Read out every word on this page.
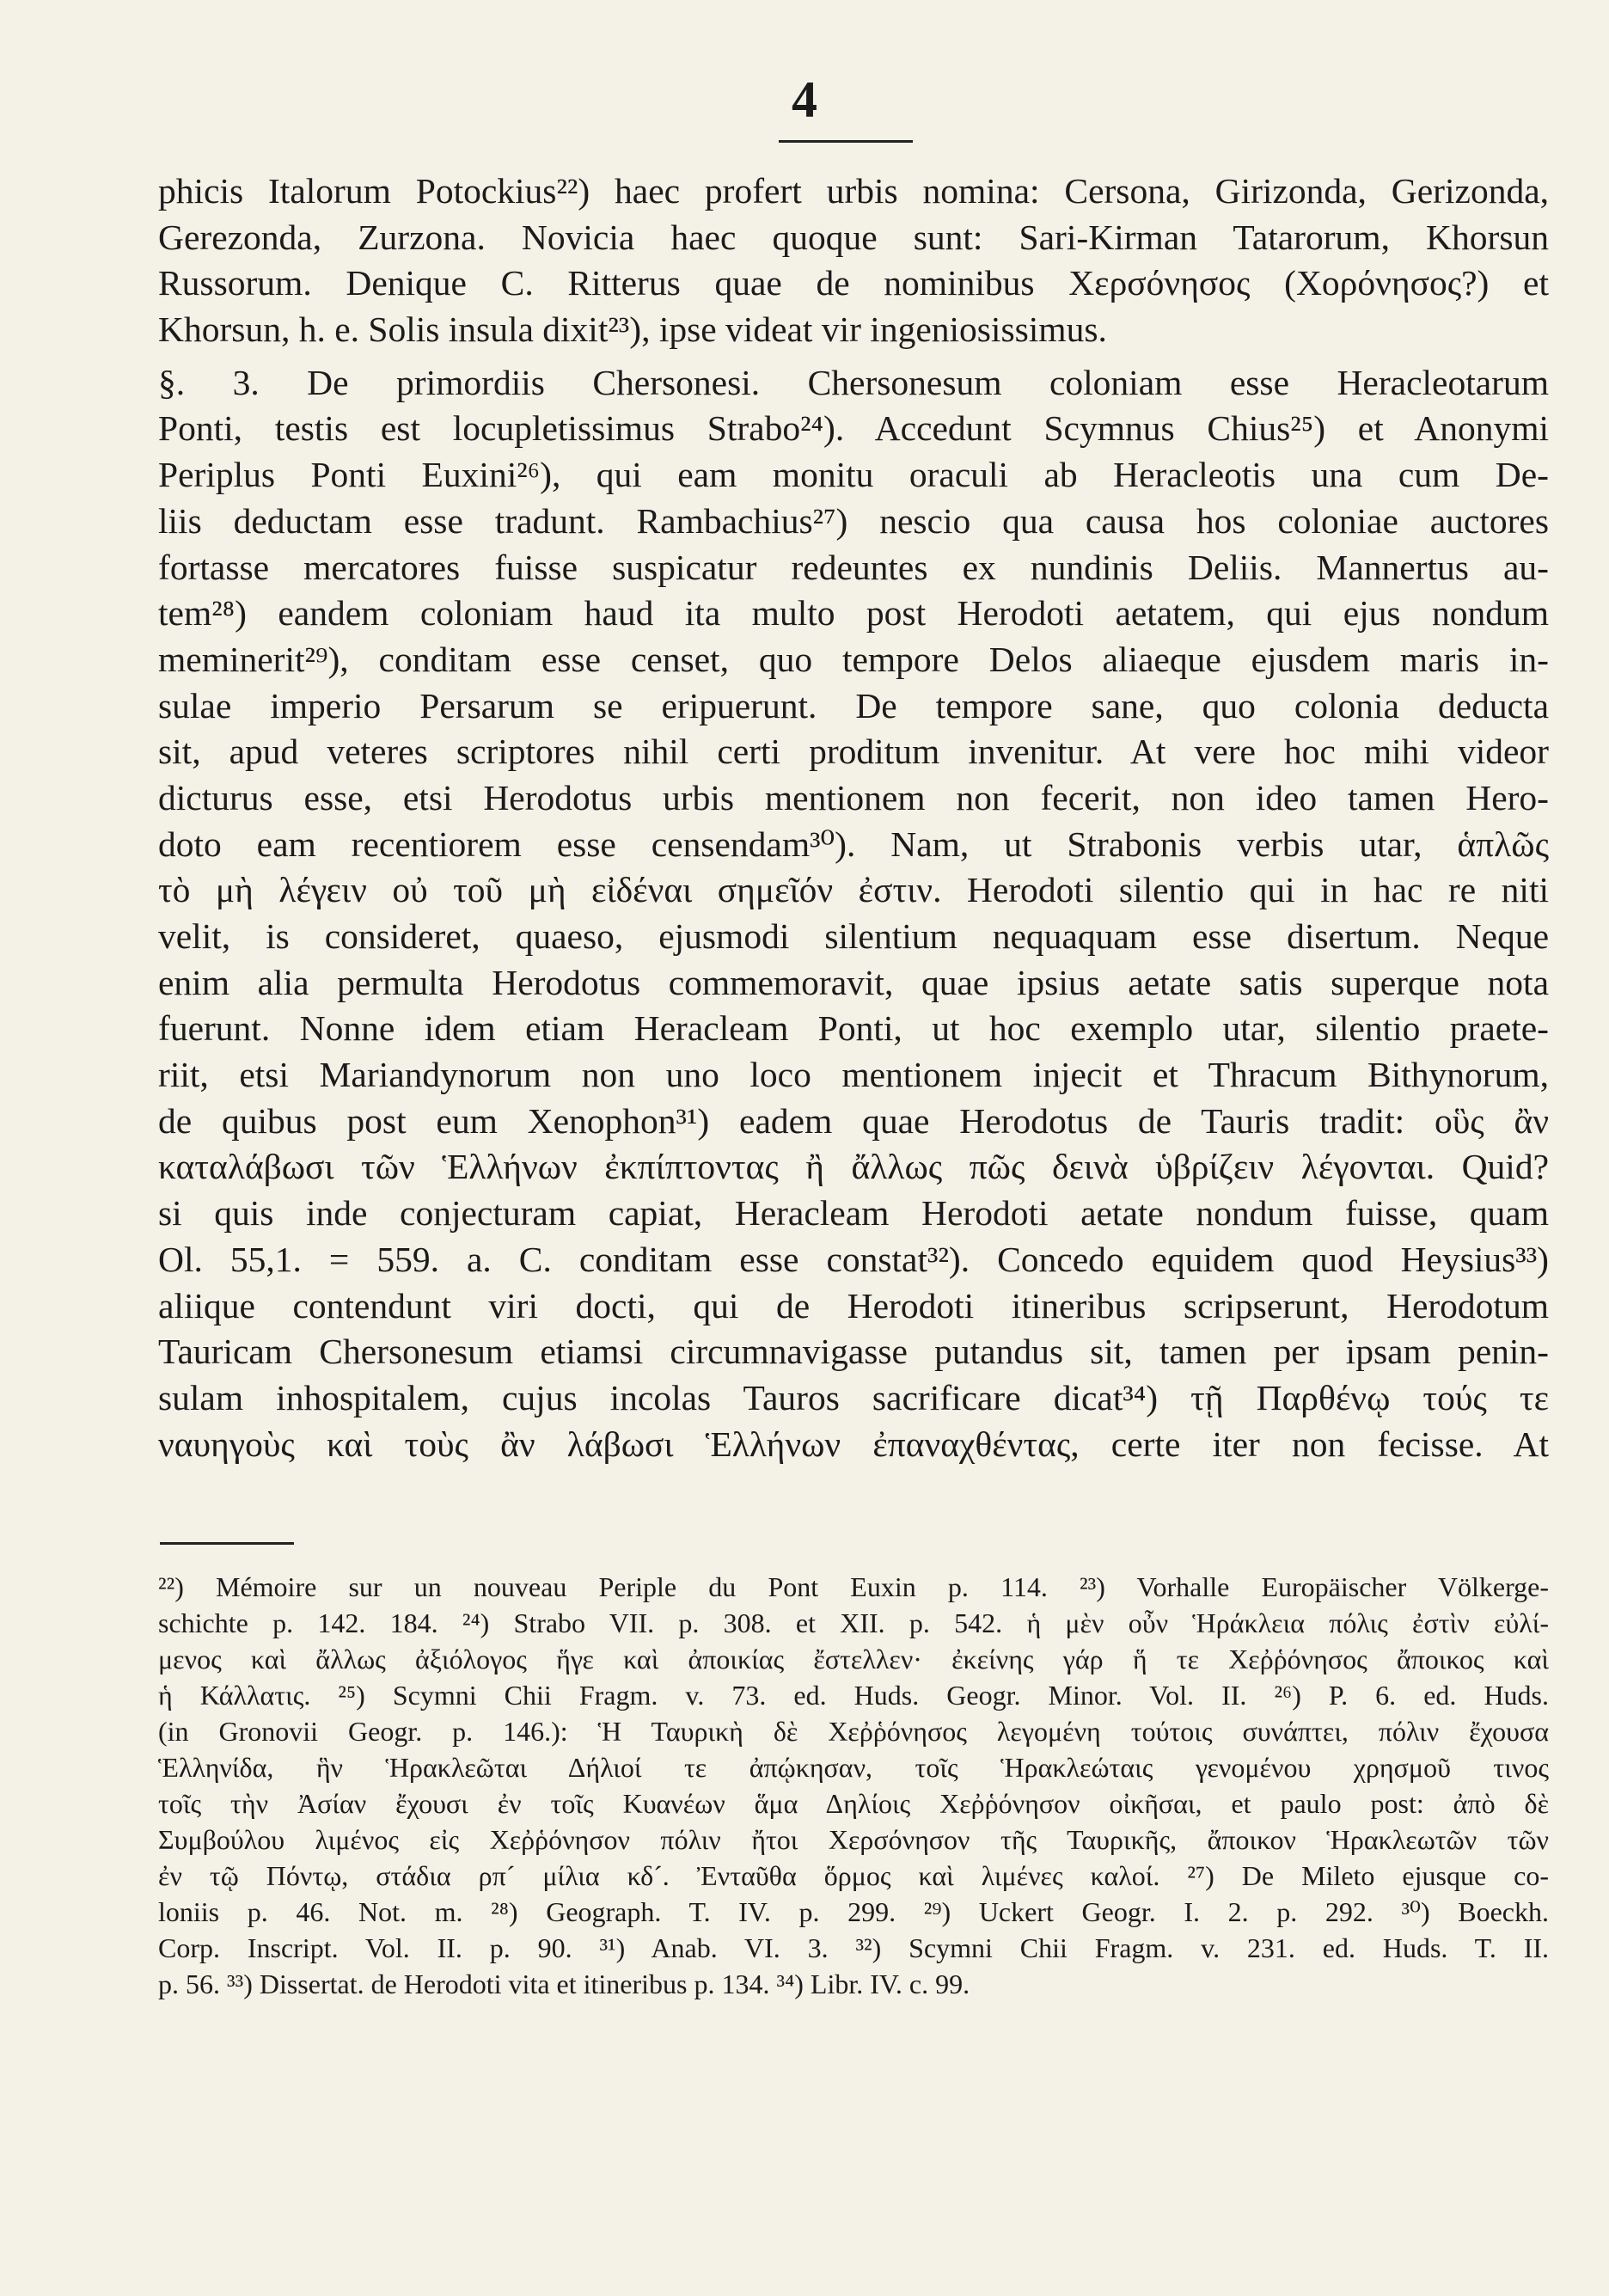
4
phicis Italorum Potockius²²) haec profert urbis nomina: Cersona, Girizonda, Gerizonda,
Gerezonda, Zurzona. Novicia haec quoque sunt: Sari-Kirman Tatarorum, Khorsun
Russorum. Denique C. Ritterus quae de nominibus Χερσόνησος (Χορόνησος?) et
Khorsun, h. e. Solis insula dixit²³), ipse videat vir ingeniosissimus.
§. 3. De primordiis Chersonesi. Chersonesum coloniam esse Heracleotarum
Ponti, testis est locupletissimus Strabo²⁴). Accedunt Scymnus Chius²⁵) et Anonymi
Periplus Ponti Euxini²⁶), qui eam monitu oraculi ab Heracleotis una cum De-
liis deductam esse tradunt. Rambachius²⁷) nescio qua causa hos coloniae auctores
fortasse mercatores fuisse suspicatur redeuntes ex nundinis Deliis. Mannertus au-
tem²⁸) eandem coloniam haud ita multo post Herodoti aetatem, qui ejus nondum
meminerit²⁹), conditam esse censet, quo tempore Delos aliaeque ejusdem maris in-
sulae imperio Persarum se eripuerunt. De tempore sane, quo colonia deducta
sit, apud veteres scriptores nihil certi proditum invenitur. At vere hoc mihi videor
dicturus esse, etsi Herodotus urbis mentionem non fecerit, non ideo tamen Hero-
doto eam recentiorem esse censendam³⁰). Nam, ut Strabonis verbis utar, ἁπλῶς
τὸ μὴ λέγειν οὐ τοῦ μὴ εἰδέναι σημεῖόν ἐστιν. Herodoti silentio qui in hac re niti
velit, is consideret, quaeso, ejusmodi silentium nequaquam esse disertum. Neque
enim alia permulta Herodotus commemoravit, quae ipsius aetate satis superque nota
fuerunt. Nonne idem etiam Heracleam Ponti, ut hoc exemplo utar, silentio praete-
riit, etsi Mariandynorum non uno loco mentionem injecit et Thracum Bithynorum,
de quibus post eum Xenophon³¹) eadem quae Herodotus de Tauris tradit: οὓς ἂν
καταλάβωσι τῶν Ἑλλήνων ἐκπίπτοντας ἢ ἄλλως πῶς δεινὰ ὑβρίζειν λέγονται. Quid?
si quis inde conjecturam capiat, Heracleam Herodoti aetate nondum fuisse, quam
Ol. 55,1. = 559. a. C. conditam esse constat³²). Concedo equidem quod Heysius³³)
aliique contendunt viri docti, qui de Herodoti itineribus scripserunt, Herodotum
Tauricam Chersonesum etiamsi circumnavigasse putandus sit, tamen per ipsam penin-
sulam inhospitalem, cujus incolas Tauros sacrificare dicat³⁴) τῇ Παρθένῳ τούς τε
ναυηγοὺς καὶ τοὺς ἂν λάβωσι Ἑλλήνων ἐπαναχθέντας, certe iter non fecisse. At
²²) Mémoire sur un nouveau Periple du Pont Euxin p. 114. ²³) Vorhalle Europäischer Völkerge-
schichte p. 142. 184. ²⁴) Strabo VII. p. 308. et XII. p. 542. ἡ μὲν οὖν Ἡράκλεια πόλις ἐστὶν εὐλί-
μενος καὶ ἄλλως ἀξιόλογος ἥγε καὶ ἀποικίας ἔστελλεν· ἐκείνης γάρ ἥ τε Χεῤῥόνησος ἄποικος καὶ
ἡ Κάλλατις. ²⁵) Scymni Chii Fragm. v. 73. ed. Huds. Geogr. Minor. Vol. II. ²⁶) P. 6. ed. Huds.
(in Gronovii Geogr. p. 146.): Ἡ Ταυρικὴ δὲ Χεῤῥόνησος λεγομένη τούτοις συνάπτει, πόλιν ἔχουσα
Ἑλληνίδα, ἣν Ἡρακλεῶται Δήλιοί τε ἀπῴκησαν, τοῖς Ἡρακλεώταις γενομένου χρησμοῦ τινος
τοῖς τὴν Ἀσίαν ἔχουσι ἐν τοῖς Κυανέων ἅμα Δηλίοις Χεῤῥόνησον οἰκῆσαι, et paulo post: ἀπὸ δὲ
Συμβούλου λιμένος εἰς Χεῤῥόνησον πόλιν ἤτοι Χερσόνησον τῆς Ταυρικῆς, ἄποικον Ἡρακλεωτῶν τῶν
ἐν τῷ Πόντῳ, στάδια ρπ´ μίλια κδ´. Ἐνταῦθα ὅρμος καὶ λιμένες καλοί. ²⁷) De Mileto ejusque co-
loniis p. 46. Not. m. ²⁸) Geograph. T. IV. p. 299. ²⁹) Uckert Geogr. I. 2. p. 292. ³⁰) Boeckh.
Corp. Inscript. Vol. II. p. 90. ³¹) Anab. VI. 3. ³²) Scymni Chii Fragm. v. 231. ed. Huds. T. II.
p. 56. ³³) Dissertat. de Herodoti vita et itineribus p. 134. ³⁴) Libr. IV. c. 99.
